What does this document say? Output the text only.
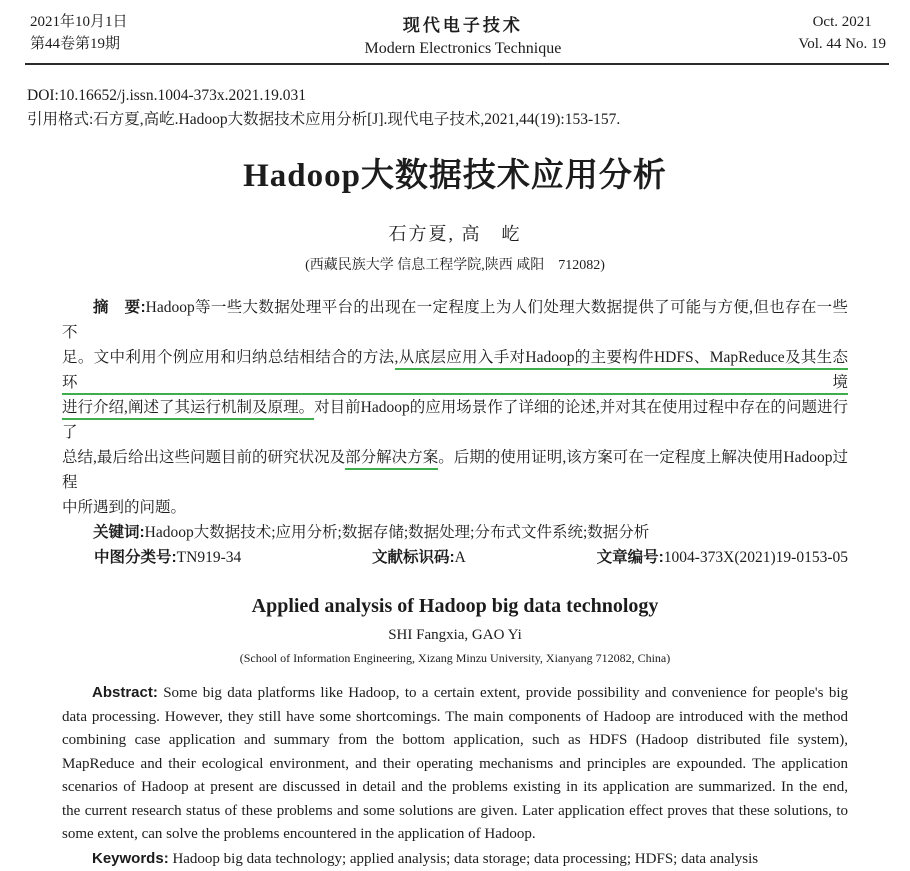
2021年10月1日
第44卷第19期
现代电子技术
Modern Electronics Technique
Oct. 2021
Vol. 44 No. 19
DOI:10.16652/j.issn.1004-373x.2021.19.031
引用格式:石方夏,高屹.Hadoop大数据技术应用分析[J].现代电子技术,2021,44(19):153-157.
Hadoop大数据技术应用分析
石方夏, 高　屹
(西藏民族大学 信息工程学院,陕西 咸阳　712082)
摘　要:Hadoop等一些大数据处理平台的出现在一定程度上为人们处理大数据提供了可能与方便,但也存在一些不
足。文中利用个例应用和归纳总结相结合的方法,从底层应用入手对Hadoop的主要构件HDFS、MapReduce及其生态环境
进行介绍,阐述了其运行机制及原理。对目前Hadoop的应用场景作了详细的论述,并对其在使用过程中存在的问题进行了
总结,最后给出这些问题目前的研究状况及部分解决方案。后期的使用证明,该方案可在一定程度上解决使用Hadoop过程
中所遇到的问题。
关键词:Hadoop大数据技术;应用分析;数据存储;数据处理;分布式文件系统;数据分析
中图分类号:TN919-34	文献标识码:A	文章编号:1004-373X(2021)19-0153-05
Applied analysis of Hadoop big data technology
SHI Fangxia, GAO Yi
(School of Information Engineering, Xizang Minzu University, Xianyang 712082, China)
Abstract: Some big data platforms like Hadoop, to a certain extent, provide possibility and convenience for people's big
data processing. However, they still have some shortcomings. The main components of Hadoop are introduced with the method
combining case application and summary from the bottom application, such as HDFS (Hadoop distributed file system),
MapReduce and their ecological environment, and their operating mechanisms and principles are expounded. The application
scenarios of Hadoop at present are discussed in detail and the problems existing in its application are summarized. In the end,
the current research status of these problems and some solutions are given. Later application effect proves that these solutions, to
some extent, can solve the problems encountered in the application of Hadoop.
Keywords: Hadoop big data technology; applied analysis; data storage; data processing; HDFS; data analysis
